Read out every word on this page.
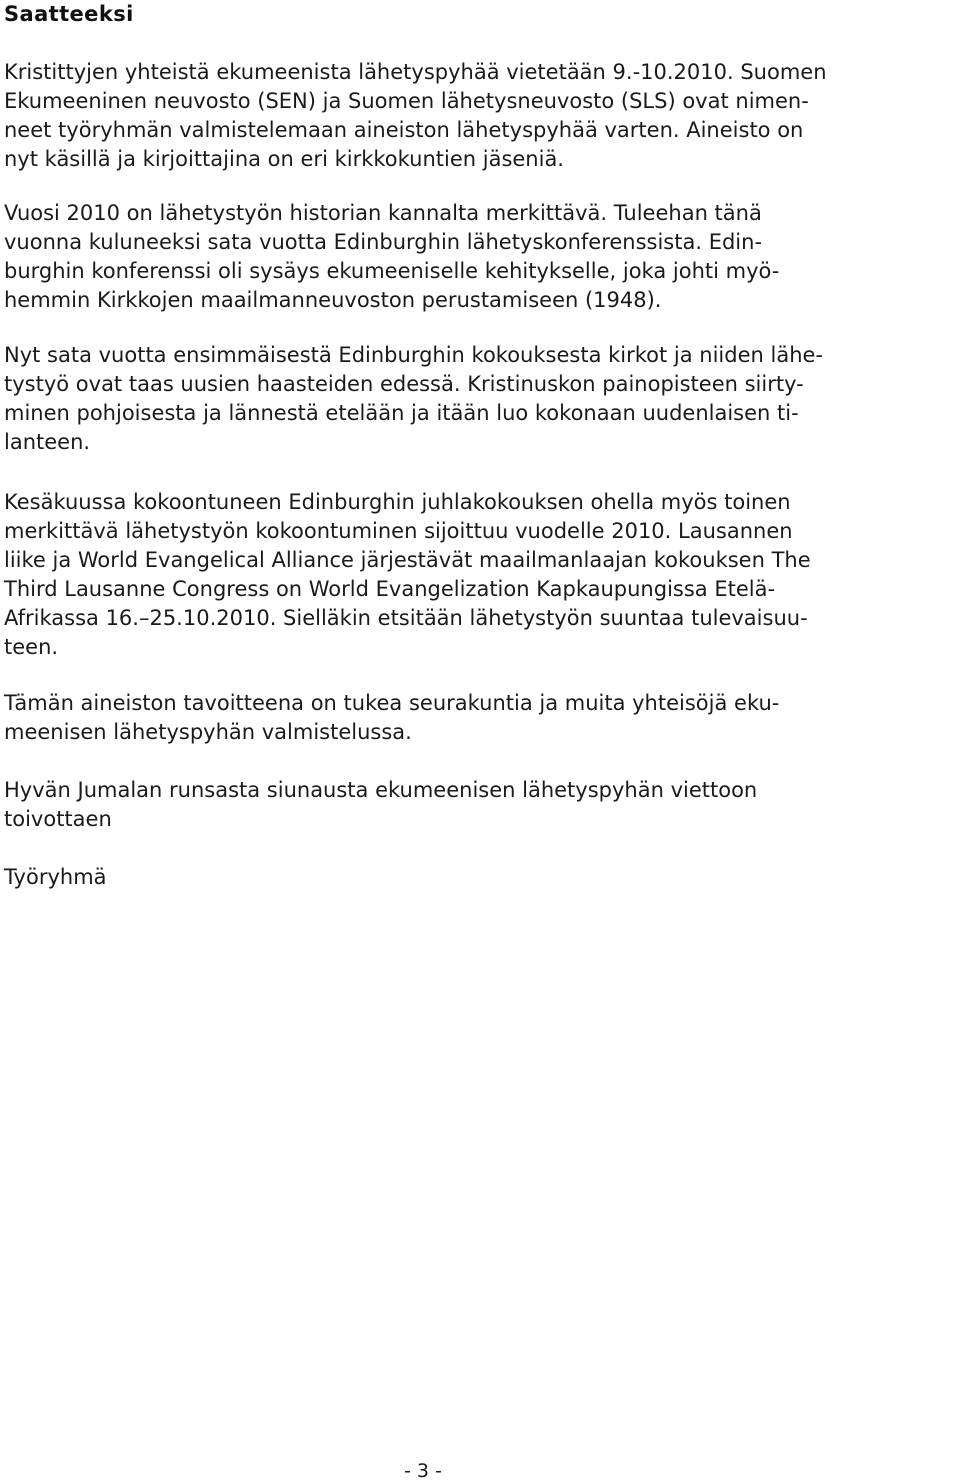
Saatteeksi
Kristittyjen yhteistä ekumeenista lähetyspyhää vietetään 9.-10.2010. Suomen
Ekumeeninen neuvosto (SEN) ja Suomen lähetysneuvosto (SLS) ovat nimen-
neet työryhmän valmistelemaan aineiston lähetyspyhää varten. Aineisto on
nyt käsillä ja kirjoittajina on eri kirkkokuntien jäseniä.
Vuosi 2010 on lähetystyön historian kannalta merkittävä. Tuleehan tänä
vuonna kuluneeksi sata vuotta Edinburghin lähetyskonferenssista. Edin-
burghin konferenssi oli sysäys ekumeeniselle kehitykselle, joka johti myö-
hemmin Kirkkojen maailmanneuvoston perustamiseen (1948).
Nyt sata vuotta ensimmäisestä Edinburghin kokouksesta kirkot ja niiden lähe-
tystyö ovat taas uusien haasteiden edessä. Kristinuskon painopisteen siirty-
minen pohjoisesta ja lännestä etelään ja itään luo kokonaan uudenlaisen ti-
lanteen.
Kesäkuussa kokoontuneen Edinburghin juhlakokouksen ohella myös toinen
merkittävä lähetystyön kokoontuminen sijoittuu vuodelle 2010. Lausannen
liike ja World Evangelical Alliance järjestävät maailmanlaajan kokouksen The
Third Lausanne Congress on World Evangelization Kapkaupungissa Etelä-
Afrikassa 16.–25.10.2010. Sielläkin etsitään lähetystyön suuntaa tulevaisuu-
teen.
Tämän aineiston tavoitteena on tukea seurakuntia ja muita yhteisöjä eku-
meenisen lähetyspyhän valmistelussa.
Hyvän Jumalan runsasta siunausta ekumeenisen lähetyspyhän viettoon
toivottaen
Työryhmä
- 3 -
